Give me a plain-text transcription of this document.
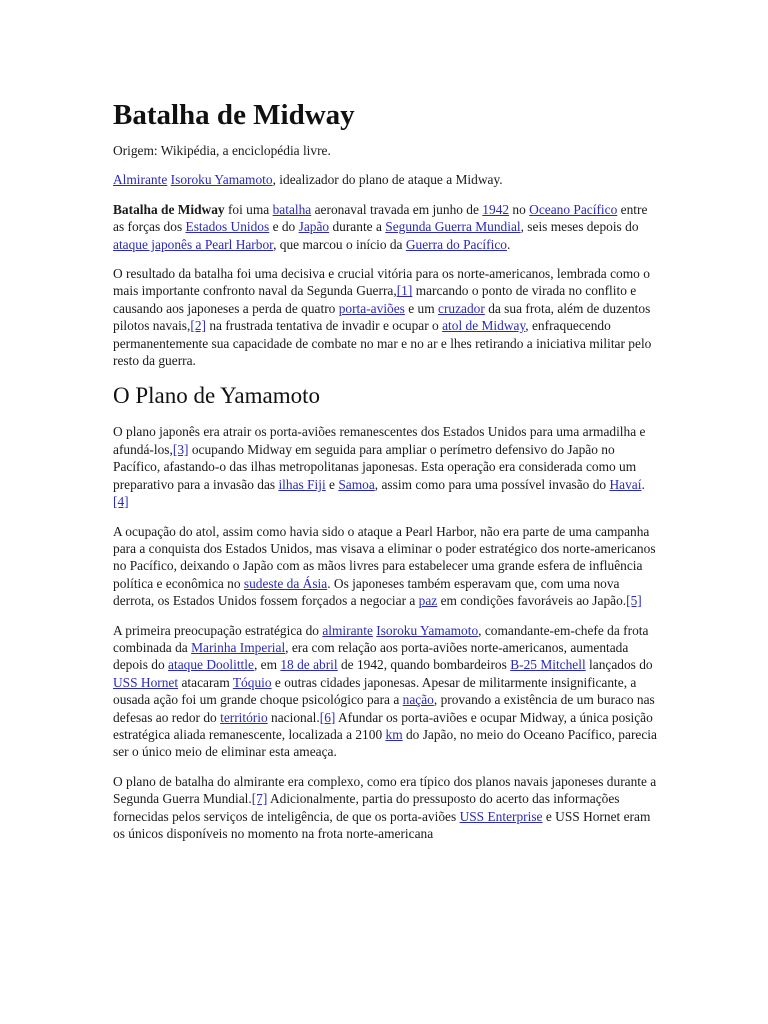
Batalha de Midway

Origem: Wikipédia, a enciclopédia livre.

Almirante Isoroku Yamamoto, idealizador do plano de ataque a Midway.

Batalha de Midway foi uma batalha aeronaval travada em junho de 1942 no Oceano Pacífico entre as forças dos Estados Unidos e do Japão durante a Segunda Guerra Mundial, seis meses depois do ataque japonês a Pearl Harbor, que marcou o início da Guerra do Pacífico.

O resultado da batalha foi uma decisiva e crucial vitória para os norte-americanos, lembrada como o mais importante confronto naval da Segunda Guerra,[1] marcando o ponto de virada no conflito e causando aos japoneses a perda de quatro porta-aviões e um cruzador da sua frota, além de duzentos pilotos navais,[2] na frustrada tentativa de invadir e ocupar o atol de Midway, enfraquecendo permanentemente sua capacidade de combate no mar e no ar e lhes retirando a iniciativa militar pelo resto da guerra.

O Plano de Yamamoto

O plano japonês era atrair os porta-aviões remanescentes dos Estados Unidos para uma armadilha e afundá-los,[3] ocupando Midway em seguida para ampliar o perímetro defensivo do Japão no Pacífico, afastando-o das ilhas metropolitanas japonesas. Esta operação era considerada como um preparativo para a invasão das ilhas Fiji e Samoa, assim como para uma possível invasão do Havaí.[4]

A ocupação do atol, assim como havia sido o ataque a Pearl Harbor, não era parte de uma campanha para a conquista dos Estados Unidos, mas visava a eliminar o poder estratégico dos norte-americanos no Pacífico, deixando o Japão com as mãos livres para estabelecer uma grande esfera de influência política e econômica no sudeste da Ásia. Os japoneses também esperavam que, com uma nova derrota, os Estados Unidos fossem forçados a negociar a paz em condições favoráveis ao Japão.[5]

A primeira preocupação estratégica do almirante Isoroku Yamamoto, comandante-em-chefe da frota combinada da Marinha Imperial, era com relação aos porta-aviões norte-americanos, aumentada depois do ataque Doolittle, em 18 de abril de 1942, quando bombardeiros B-25 Mitchell lançados do USS Hornet atacaram Tóquio e outras cidades japonesas. Apesar de militarmente insignificante, a ousada ação foi um grande choque psicológico para a nação, provando a existência de um buraco nas defesas ao redor do território nacional.[6] Afundar os porta-aviões e ocupar Midway, a única posição estratégica aliada remanescente, localizada a 2100 km do Japão, no meio do Oceano Pacífico, parecia ser o único meio de eliminar esta ameaça.

O plano de batalha do almirante era complexo, como era típico dos planos navais japoneses durante a Segunda Guerra Mundial.[7] Adicionalmente, partia do pressuposto do acerto das informações fornecidas pelos serviços de inteligência, de que os porta-aviões USS Enterprise e USS Hornet eram os únicos disponíveis no momento na frota norte-americana
